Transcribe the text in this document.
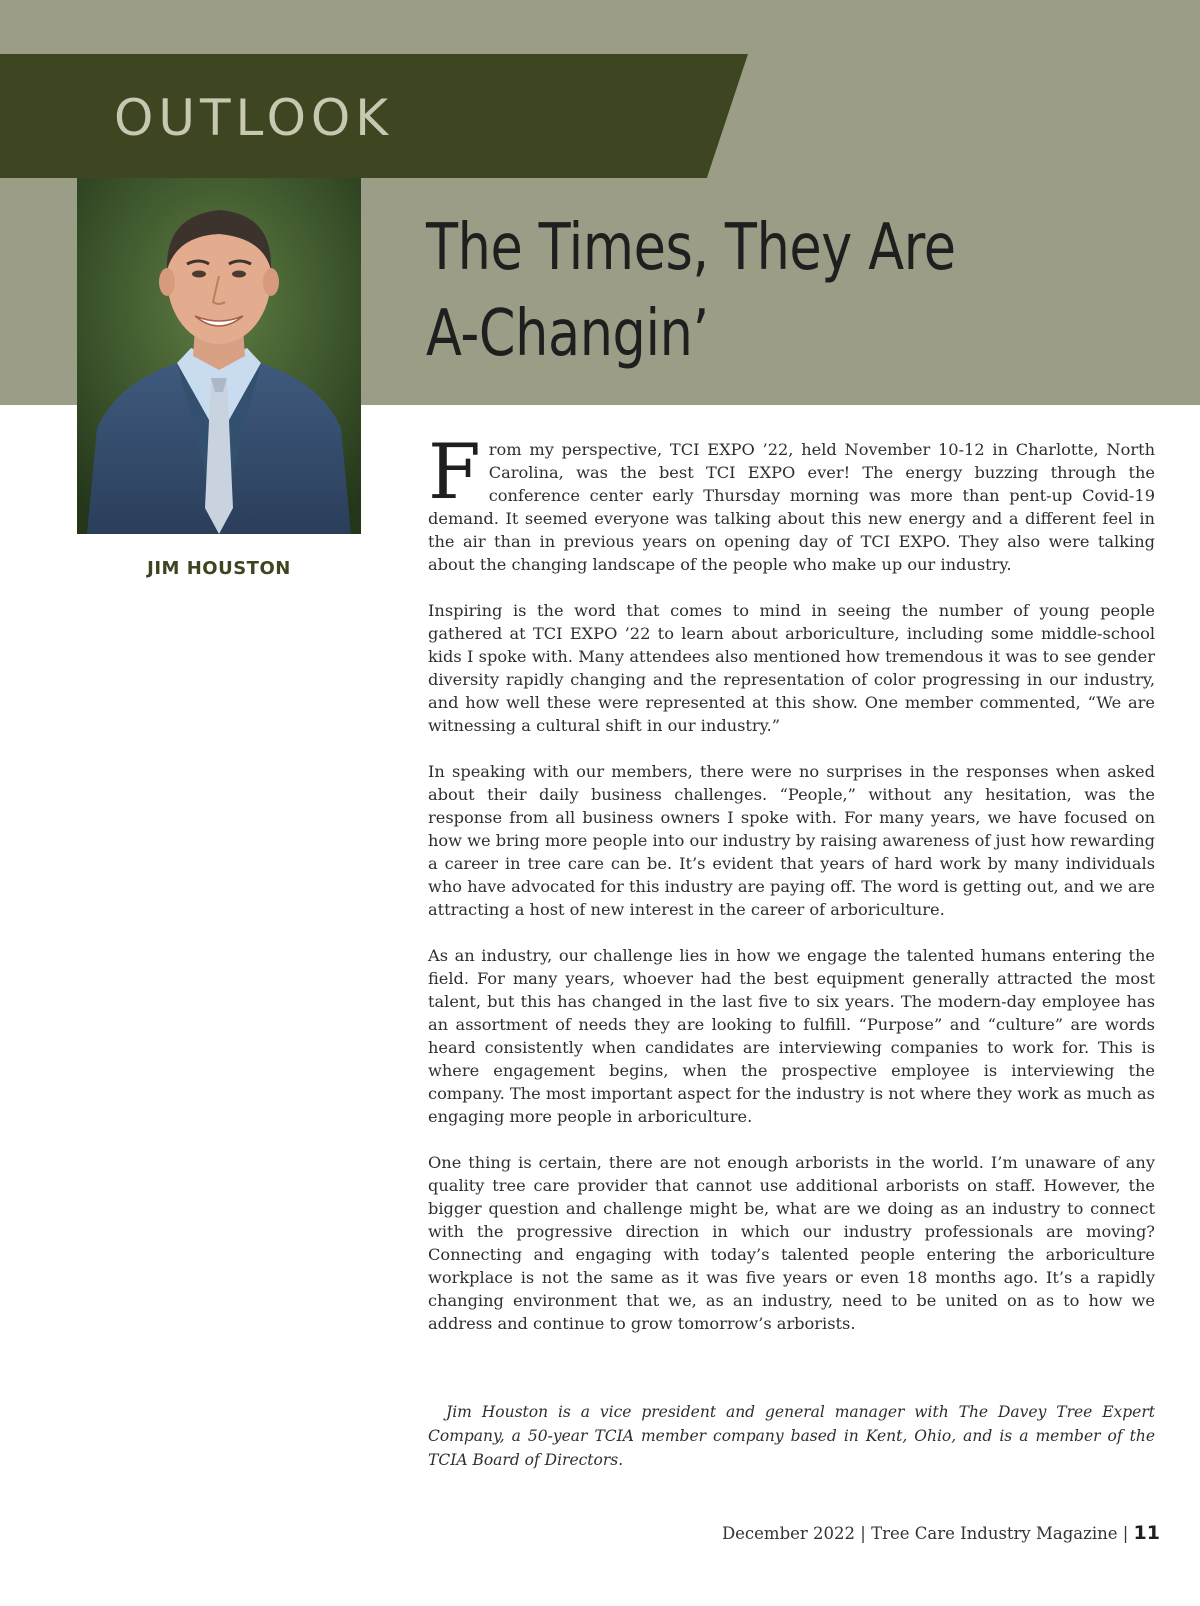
OUTLOOK
JIM HOUSTON
The Times, They Are
A-Changin’

From my perspective, TCI EXPO ’22, held November 10-12 in Charlotte, North Carolina, was the best TCI EXPO ever! The energy buzzing through the conference center early Thursday morning was more than pent-up Covid-19 demand. It seemed everyone was talking about this new energy and a different feel in the air than in previous years on opening day of TCI EXPO. They also were talking about the changing landscape of the people who make up our industry.

Inspiring is the word that comes to mind in seeing the number of young people gathered at TCI EXPO ’22 to learn about arboriculture, including some middle-school kids I spoke with. Many attendees also mentioned how tremendous it was to see gender diversity rapidly changing and the representation of color progressing in our industry, and how well these were represented at this show. One member commented, “We are witnessing a cultural shift in our industry.”

In speaking with our members, there were no surprises in the responses when asked about their daily business challenges. “People,” without any hesitation, was the response from all business owners I spoke with. For many years, we have focused on how we bring more people into our industry by raising awareness of just how rewarding a career in tree care can be. It’s evident that years of hard work by many individuals who have advocated for this industry are paying off. The word is getting out, and we are attracting a host of new interest in the career of arboriculture.

As an industry, our challenge lies in how we engage the talented humans entering the field. For many years, whoever had the best equipment generally attracted the most talent, but this has changed in the last five to six years. The modern-day employee has an assortment of needs they are looking to fulfill. “Purpose” and “culture” are words heard consistently when candidates are interviewing companies to work for. This is where engagement begins, when the prospective employee is interviewing the company. The most important aspect for the industry is not where they work as much as engaging more people in arboriculture.

One thing is certain, there are not enough arborists in the world. I’m unaware of any quality tree care provider that cannot use additional arborists on staff. However, the bigger question and challenge might be, what are we doing as an industry to connect with the progressive direction in which our industry professionals are moving? Connecting and engaging with today’s talented people entering the arboriculture workplace is not the same as it was five years or even 18 months ago. It’s a rapidly changing environment that we, as an industry, need to be united on as to how we address and continue to grow tomorrow’s arborists.

Jim Houston is a vice president and general manager with The Davey Tree Expert Company, a 50-year TCIA member company based in Kent, Ohio, and is a member of the TCIA Board of Directors.
December 2022 | Tree Care Industry Magazine | 11
